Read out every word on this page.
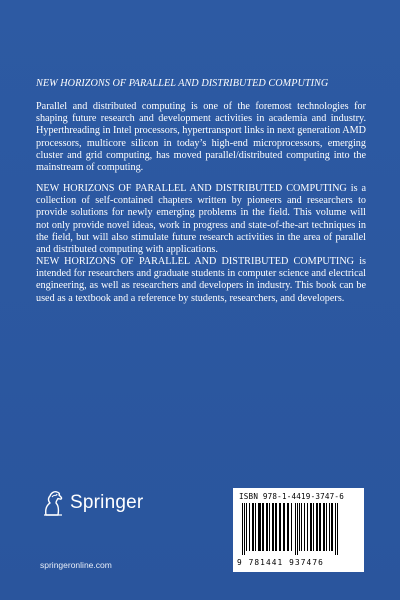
NEW HORIZONS OF PARALLEL AND DISTRIBUTED COMPUTING
Parallel and distributed computing is one of the foremost technologies for shaping future research and development activities in academia and industry. Hyperthreading in Intel processors, hypertransport links in next generation AMD processors, multicore silicon in today’s high-end microprocessors, emerging cluster and grid computing, has moved parallel/distributed computing into the mainstream of computing.
NEW HORIZONS OF PARALLEL AND DISTRIBUTED COMPUTING is a collection of self-contained chapters written by pioneers and researchers to provide solutions for newly emerging problems in the field. This volume will not only provide novel ideas, work in progress and state-of-the-art techniques in the field, but will also stimulate future research activities in the area of parallel and distributed computing with applications.
NEW HORIZONS OF PARALLEL AND DISTRIBUTED COMPUTING is intended for researchers and graduate students in computer science and electrical engineering, as well as researchers and developers in industry. This book can be used as a textbook and a reference by students, researchers, and developers.
Springer
springeronline.com
ISBN 978-1-4419-3747-6
9 781441 937476
